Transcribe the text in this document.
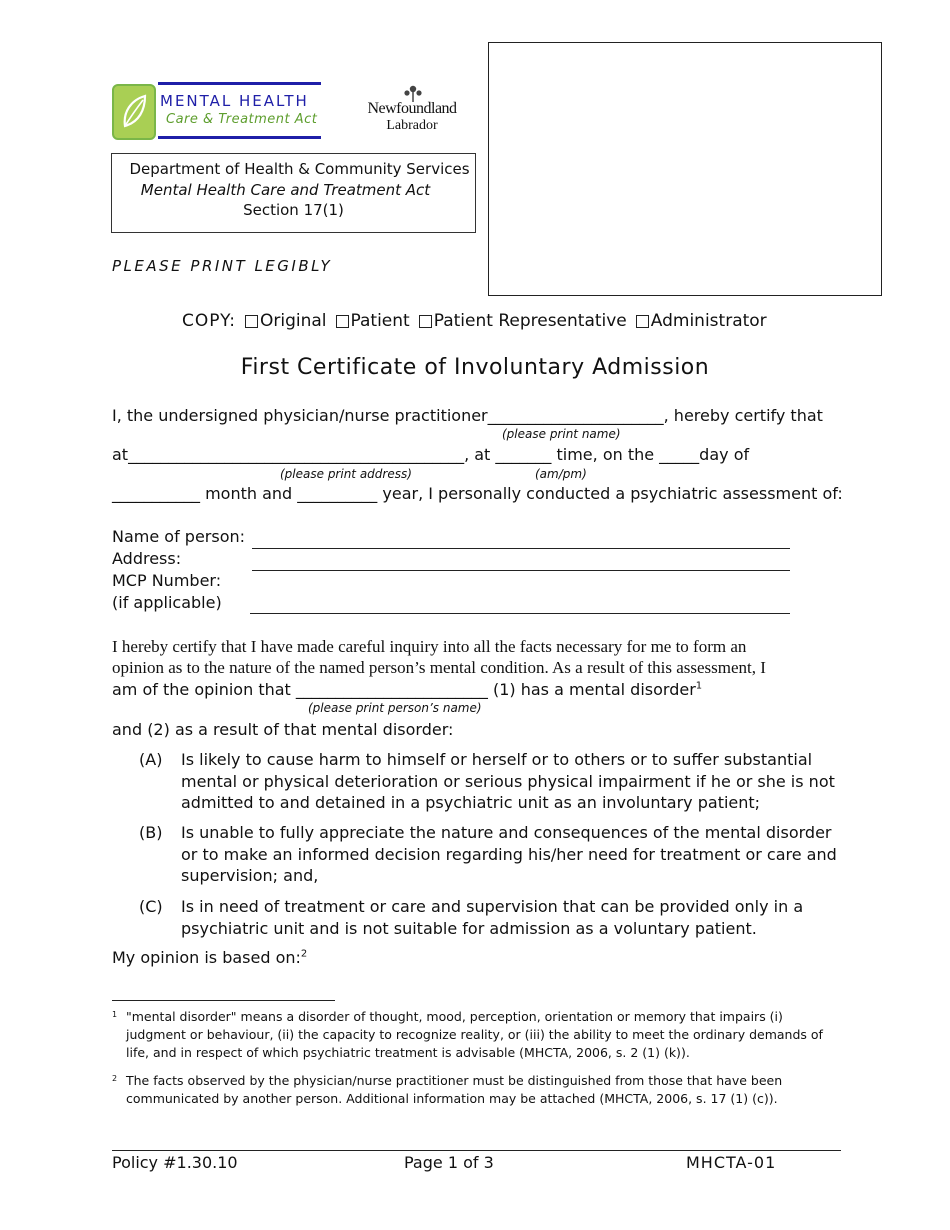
MENTAL HEALTH
Care & Treatment Act
Newfoundland
Labrador
Department of Health & Community Services
Mental Health Care and Treatment Act
Section 17(1)
PLEASE PRINT LEGIBLY
COPY: Original Patient Patient Representative Administrator
First Certificate of Involuntary Admission
I, the undersigned physician/nurse practitioner______________________, hereby certify that
(please print name)
at__________________________________________, at _______ time, on the _____day of
(please print address)	(am/pm)
___________ month and __________ year, I personally conducted a psychiatric assessment of:
Name of person:
Address:
MCP Number:
(if applicable)
I hereby certify that I have made careful inquiry into all the facts necessary for me to form an
opinion as to the nature of the named person’s mental condition. As a result of this assessment, I
am of the opinion that ________________________ (1) has a mental disorder$^1$
(please print person’s name)
and (2) as a result of that mental disorder:
(A) Is likely to cause harm to himself or herself or to others or to suffer substantial mental or physical deterioration or serious physical impairment if he or she is not admitted to and detained in a psychiatric unit as an involuntary patient;
(B) Is unable to fully appreciate the nature and consequences of the mental disorder or to make an informed decision regarding his/her need for treatment or care and supervision; and,
(C) Is in need of treatment or care and supervision that can be provided only in a psychiatric unit and is not suitable for admission as a voluntary patient.
My opinion is based on:$^2$
1 "mental disorder" means a disorder of thought, mood, perception, orientation or memory that impairs (i) judgment or behaviour, (ii) the capacity to recognize reality, or (iii) the ability to meet the ordinary demands of life, and in respect of which psychiatric treatment is advisable (MHCTA, 2006, s. 2 (1) (k)).
2 The facts observed by the physician/nurse practitioner must be distinguished from those that have been communicated by another person. Additional information may be attached (MHCTA, 2006, s. 17 (1) (c)).
Policy #1.30.10	Page 1 of 3	MHCTA-01
